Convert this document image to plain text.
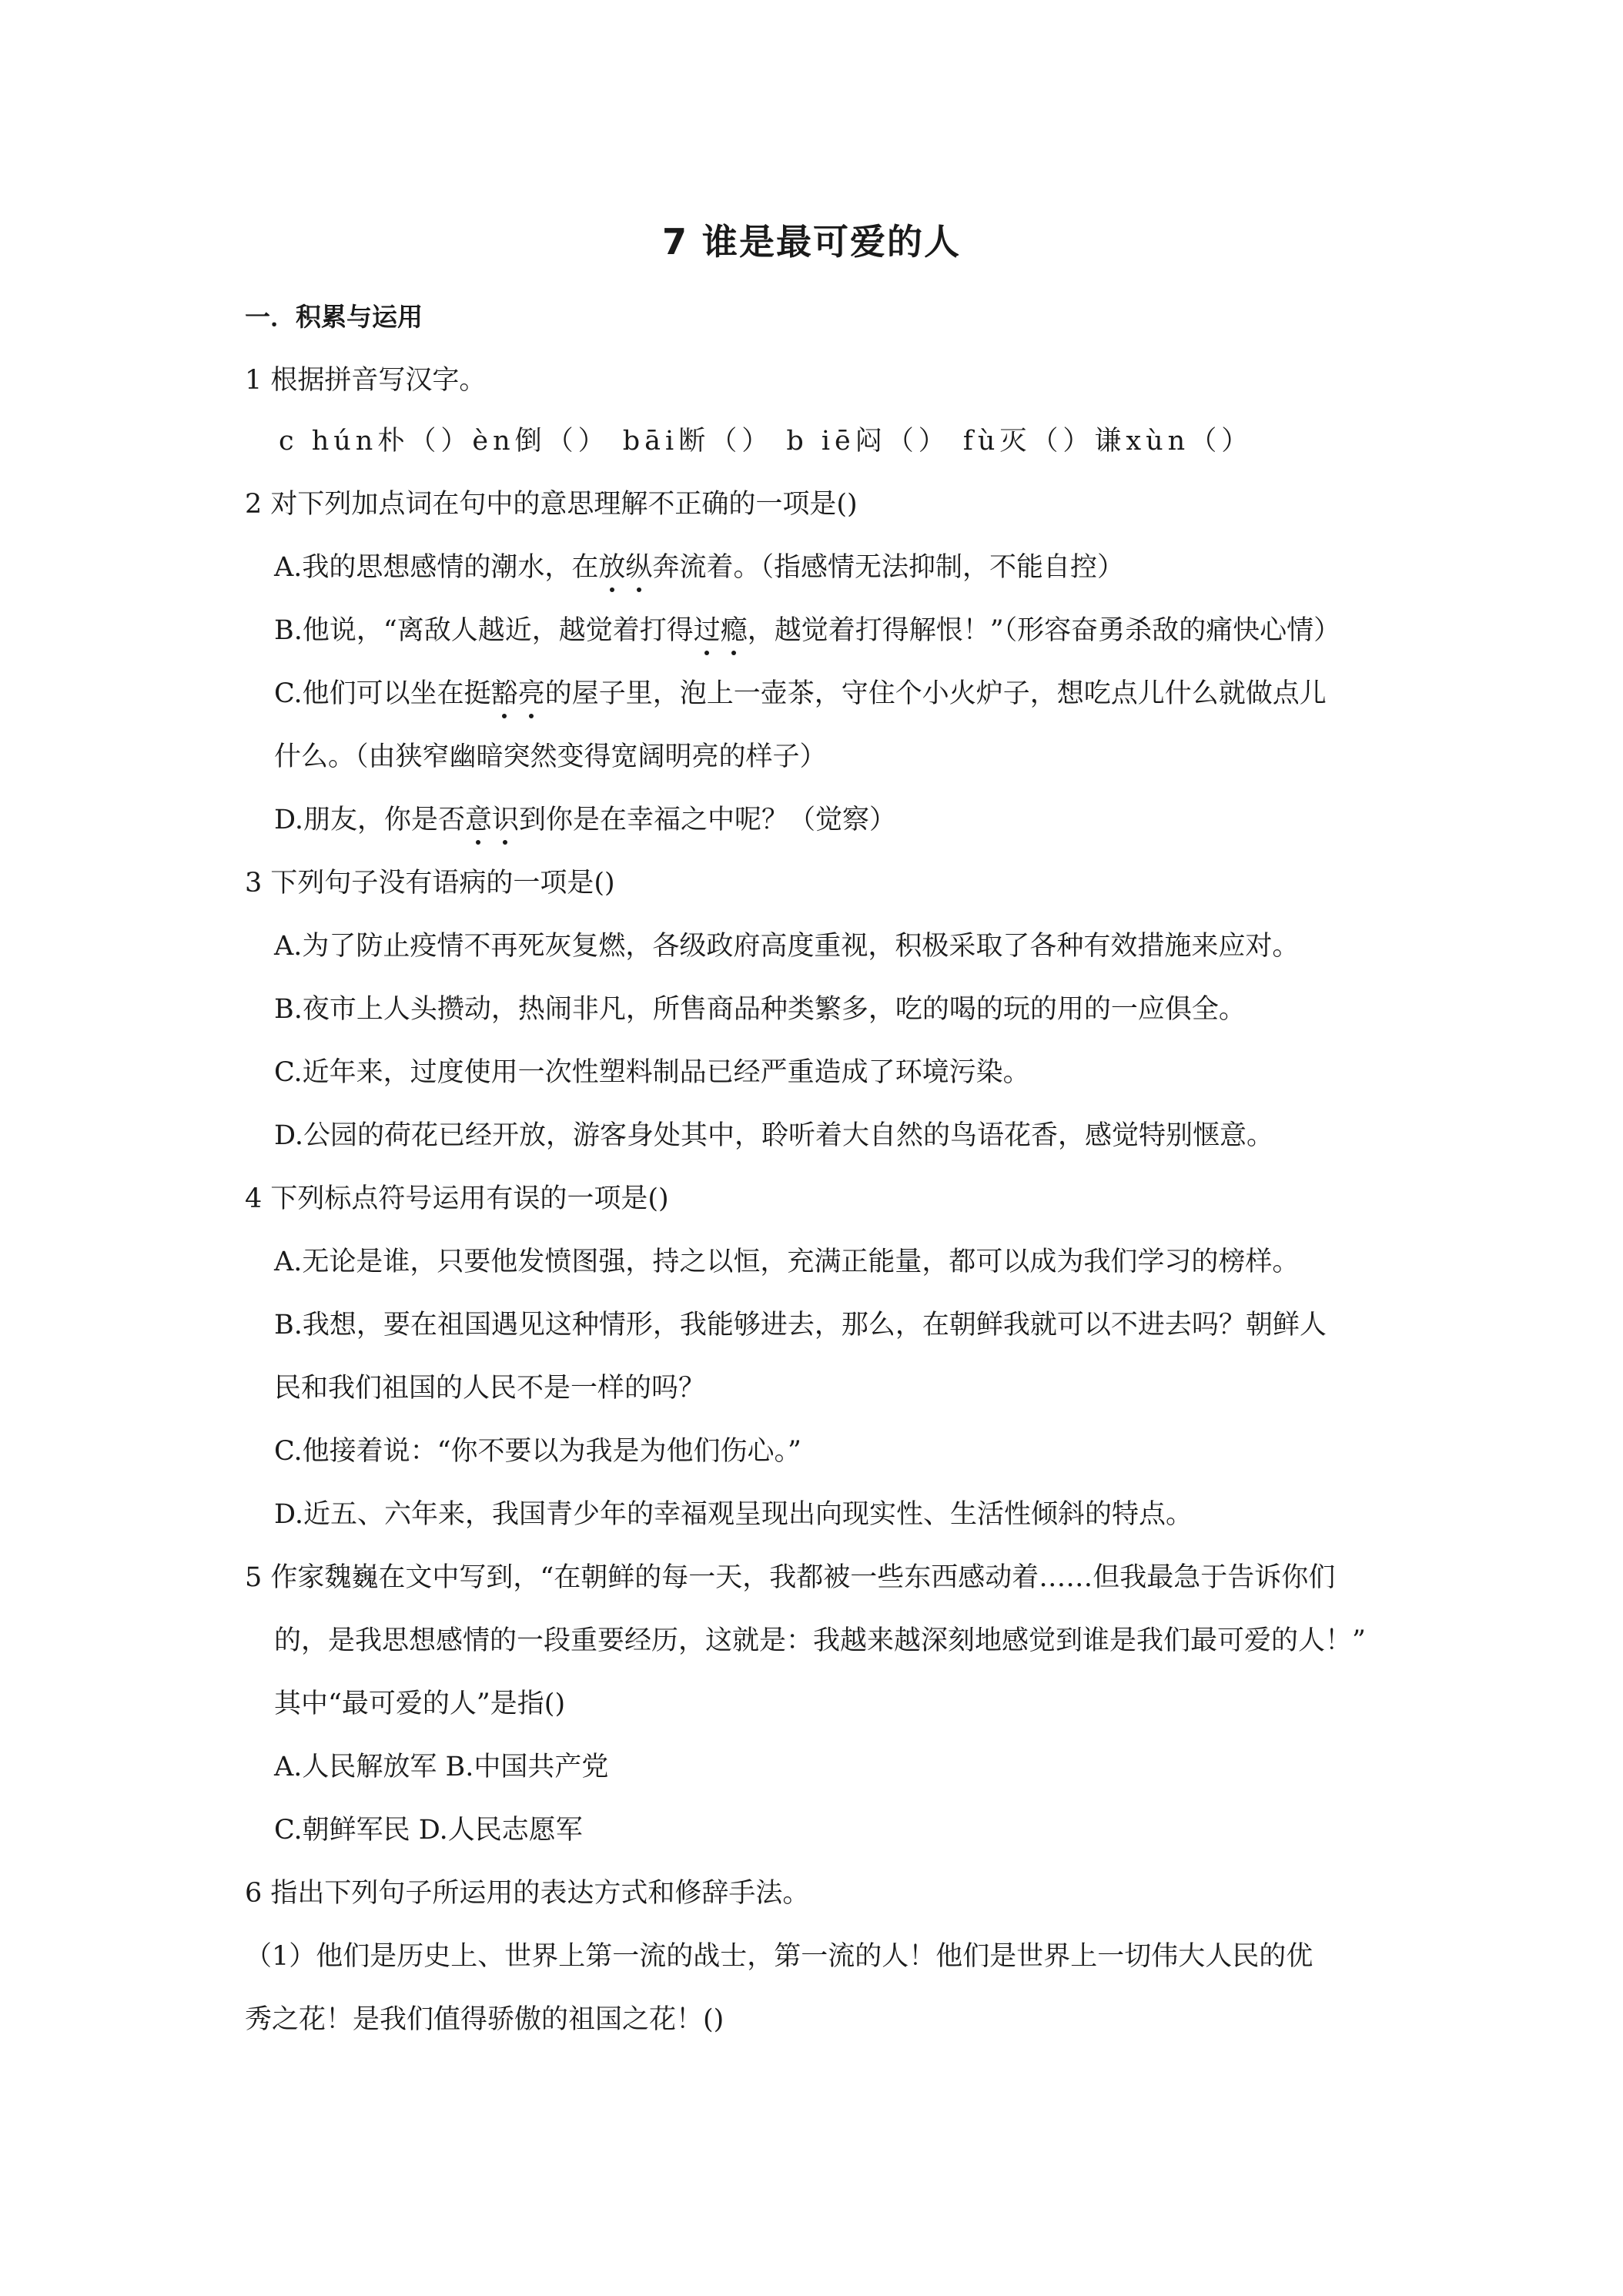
7 谁是最可爱的人
一．积累与运用
1 根据拼音写汉字。
c hún朴（）èn倒（） bāi断（） b iē闷（） fù灭（）谦xùn（）
2 对下列加点词在句中的意思理解不正确的一项是()
A.我的思想感情的潮水，在放纵奔流着。（指感情无法抑制，不能自控）
B.他说，“离敌人越近，越觉着打得过瘾，越觉着打得解恨！”（形容奋勇杀敌的痛快心情）
C.他们可以坐在挺豁亮的屋子里，泡上一壶茶，守住个小火炉子，想吃点儿什么就做点儿
什么。（由狭窄幽暗突然变得宽阔明亮的样子）
D.朋友，你是否意识到你是在幸福之中呢？（觉察）
3 下列句子没有语病的一项是()
A.为了防止疫情不再死灰复燃，各级政府高度重视，积极采取了各种有效措施来应对。
B.夜市上人头攒动，热闹非凡，所售商品种类繁多，吃的喝的玩的用的一应俱全。
C.近年来，过度使用一次性塑料制品已经严重造成了环境污染。
D.公园的荷花已经开放，游客身处其中，聆听着大自然的鸟语花香，感觉特别惬意。
4 下列标点符号运用有误的一项是()
A.无论是谁，只要他发愤图强，持之以恒，充满正能量，都可以成为我们学习的榜样。
B.我想，要在祖国遇见这种情形，我能够进去，那么，在朝鲜我就可以不进去吗？朝鲜人
民和我们祖国的人民不是一样的吗？
C.他接着说：“你不要以为我是为他们伤心。”
D.近五、六年来，我国青少年的幸福观呈现出向现实性、生活性倾斜的特点。
5 作家魏巍在文中写到，“在朝鲜的每一天，我都被一些东西感动着……但我最急于告诉你们
的，是我思想感情的一段重要经历，这就是：我越来越深刻地感觉到谁是我们最可爱的人！”
其中“最可爱的人”是指()
A.人民解放军 B.中国共产党
C.朝鲜军民 D.人民志愿军
6 指出下列句子所运用的表达方式和修辞手法。
（1）他们是历史上、世界上第一流的战士，第一流的人！他们是世界上一切伟大人民的优
秀之花！是我们值得骄傲的祖国之花！()
